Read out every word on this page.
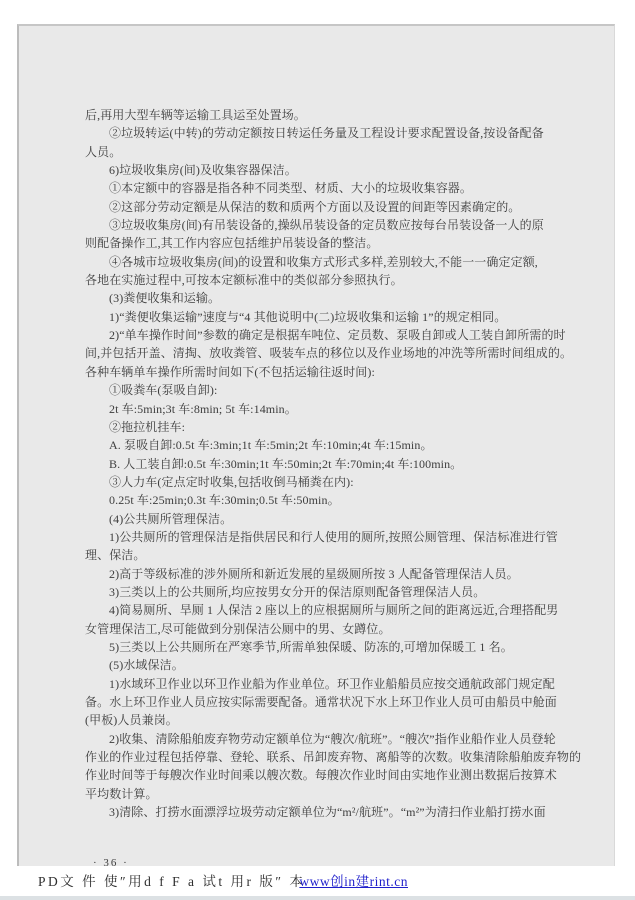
后,再用大型车辆等运输工具运至处置场。

②垃圾转运(中转)的劳动定额按日转运任务量及工程设计要求配置设备,按设备配备

人员。

6)垃圾收集房(间)及收集容器保洁。

①本定额中的容器是指各种不同类型、材质、大小的垃圾收集容器。

②这部分劳动定额是从保洁的数和质两个方面以及设置的间距等因素确定的。

③垃圾收集房(间)有吊装设备的,操纵吊装设备的定员数应按每台吊装设备一人的原

则配备操作工,其工作内容应包括维护吊装设备的整洁。

④各城市垃圾收集房(间)的设置和收集方式形式多样,差别较大,不能一一确定定额,

各地在实施过程中,可按本定额标准中的类似部分参照执行。

(3)粪便收集和运输。

1)“粪便收集运输”速度与“4 其他说明中(二)垃圾收集和运输 1”的规定相同。

2)“单车操作时间”参数的确定是根据车吨位、定员数、泵吸自卸或人工装自卸所需的时

间,并包括开盖、清掏、放收粪管、吸装车点的移位以及作业场地的冲洗等所需时间组成的。

各种车辆单车操作所需时间如下(不包括运输往返时间):

①吸粪车(泵吸自卸):

2t 车:5min;3t 车:8min; 5t 车:14min。

②拖拉机挂车:

A. 泵吸自卸:0.5t 车:3min;1t 车:5min;2t 车:10min;4t 车:15min。

B. 人工装自卸:0.5t 车:30min;1t 车:50min;2t 车:70min;4t 车:100min。

③人力车(定点定时收集,包括收倒马桶粪在内):

0.25t 车:25min;0.3t 车:30min;0.5t 车:50min。

(4)公共厕所管理保洁。

1)公共厕所的管理保洁是指供居民和行人使用的厕所,按照公厕管理、保洁标准进行管

理、保洁。

2)高于等级标准的涉外厕所和新近发展的星级厕所按 3 人配备管理保洁人员。

3)三类以上的公共厕所,均应按男女分开的保洁原则配备管理保洁人员。

4)简易厕所、旱厕 1 人保洁 2 座以上的应根据厕所与厕所之间的距离远近,合理搭配男

女管理保洁工,尽可能做到分别保洁公厕中的男、女蹲位。

5)三类以上公共厕所在严寒季节,所需单独保暖、防冻的,可增加保暖工 1 名。

(5)水域保洁。

1)水域环卫作业以环卫作业船为作业单位。环卫作业船船员应按交通航政部门规定配

备。水上环卫作业人员应按实际需要配备。通常状况下水上环卫作业人员可由船员中舱面

(甲板)人员兼岗。

2)收集、清除船舶废弃物劳动定额单位为“艘次/航班”。“艘次”指作业船作业人员登轮

作业的作业过程包括停靠、登轮、联系、吊卸废弃物、离船等的次数。收集清除船舶废弃物的

作业时间等于每艘次作业时间乘以艘次数。每艘次作业时间由实地作业测出数据后按算术

平均数计算。

3)清除、打捞水面漂浮垃圾劳动定额单位为“m²/航班”。“m²”为清扫作业船打捞水面

· 36 ·
PD文 件 使″用d f F a 试t 用r 版″ 本www创in建rint.cn
